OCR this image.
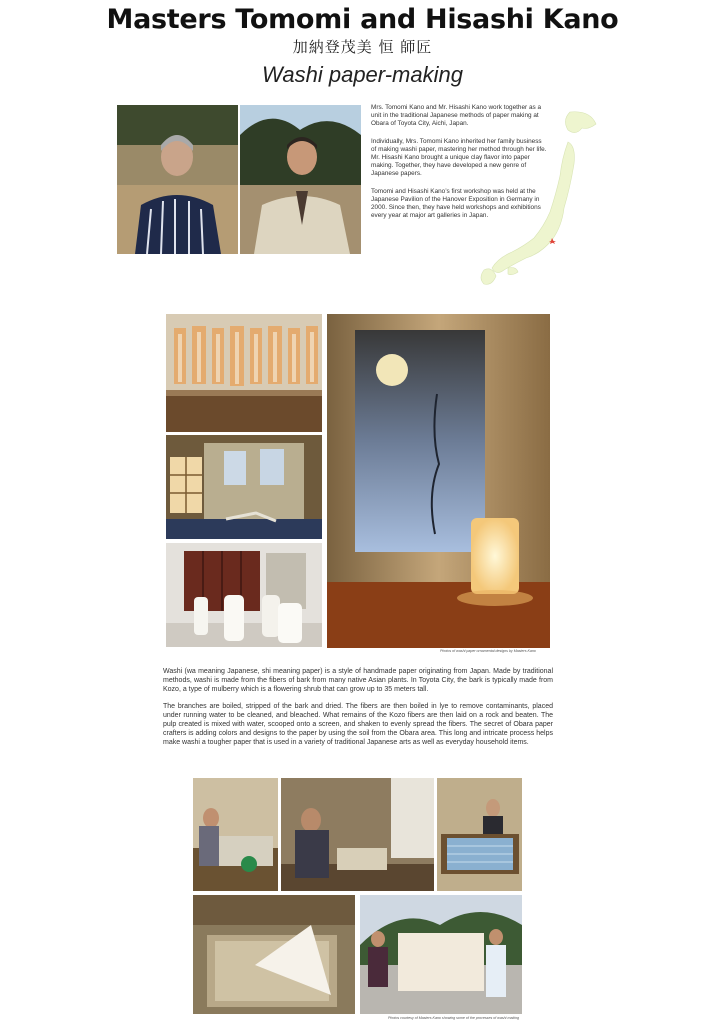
Masters Tomomi and Hisashi Kano
加納登茂美 恒 師匠
Washi paper-making

Mrs. Tomomi Kano and Mr. Hisashi Kano work together as a unit in the traditional Japanese methods of paper making at Obara of Toyota City, Aichi, Japan.

Individually, Mrs. Tomomi Kano inherited her family business of making washi paper, mastering her method through her life. Mr. Hisashi Kano brought a unique clay flavor into paper making. Together, they have developed a new genre of Japanese papers.

Tomomi and Hisashi Kano’s first workshop was held at the Japanese Pavilion of the Hanover Exposition in Germany in 2000. Since then, they have held workshops and exhibitions every year at major art galleries in Japan.

Photos of washi paper ornamental designs by Masters Kano

Washi (wa meaning Japanese, shi meaning paper) is a style of handmade paper originating from Japan. Made by traditional methods, washi is made from the fibers of bark from many native Asian plants. In Toyota City, the bark is typically made from Kozo, a type of mulberry which is a flowering shrub that can grow up to 35 meters tall.

The branches are boiled, stripped of the bark and dried. The fibers are then boiled in lye to remove contaminants, placed under running water to be cleaned, and bleached. What remains of the Kozo fibers are then laid on a rock and beaten. The pulp created is mixed with water, scooped onto a screen, and shaken to evenly spread the fibers. The secret of Obara paper crafters is adding colors and designs to the paper by using the soil from the Obara area. This long and intricate process helps make washi a tougher paper that is used in a variety of traditional Japanese arts as well as everyday household items.

Photos courtesy of Masters Kano showing some of the processes of washi making
